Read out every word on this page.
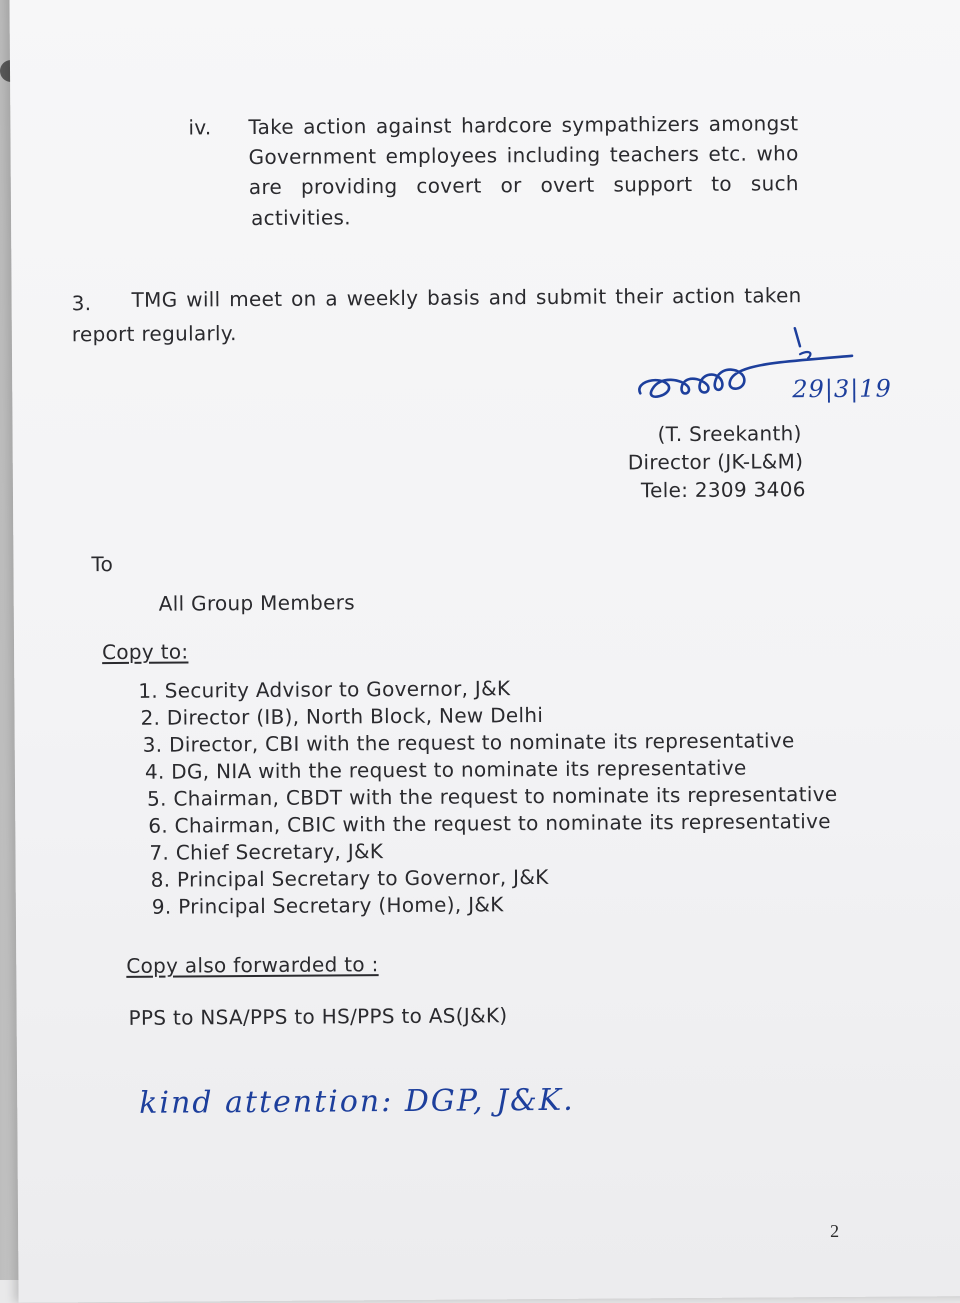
iv. Take action against hardcore sympathizers amongst
Government employees including teachers etc. who
are providing covert or overt support to such
activities.
3. TMG will meet on a weekly basis and submit their action taken
report regularly.
29|3|19
(T. Sreekanth)
Director (JK-L&M)
Tele: 2309 3406
To
All Group Members
Copy to:
1. Security Advisor to Governor, J&K
2. Director (IB), North Block, New Delhi
3. Director, CBI with the request to nominate its representative
4. DG, NIA with the request to nominate its representative
5. Chairman, CBDT with the request to nominate its representative
6. Chairman, CBIC with the request to nominate its representative
7. Chief Secretary, J&K
8. Principal Secretary to Governor, J&K
9. Principal Secretary (Home), J&K
Copy also forwarded to :
PPS to NSA/PPS to HS/PPS to AS(J&K)
kind attention: DGP, J&K.
2
